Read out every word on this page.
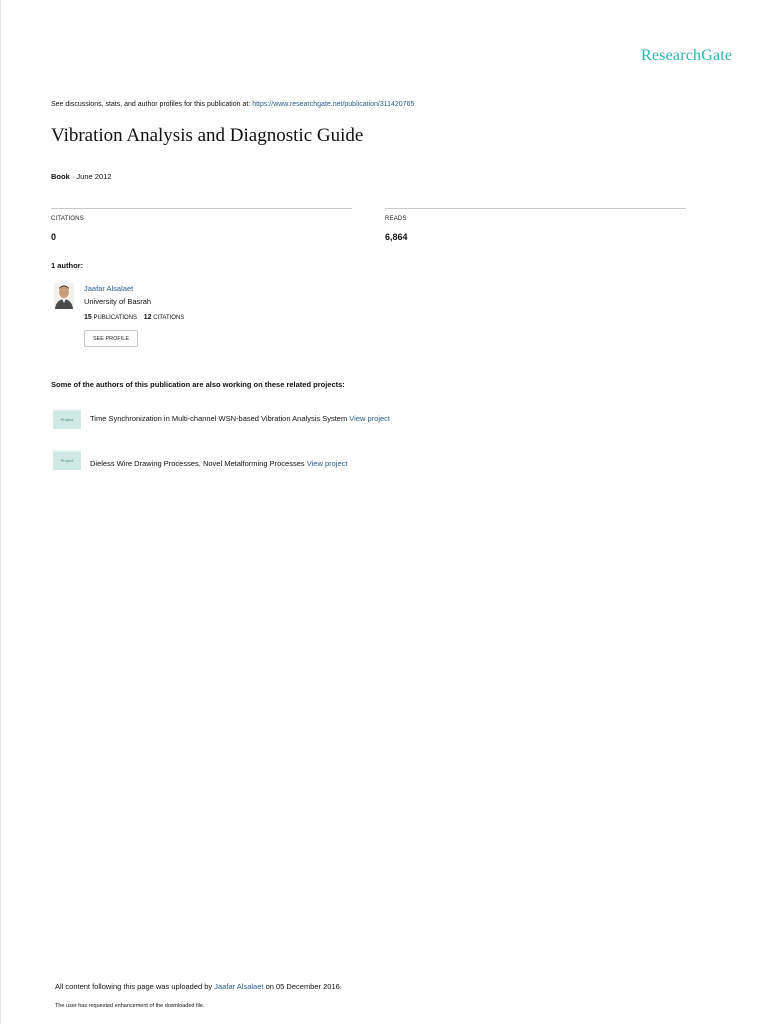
ResearchGate
See discussions, stats, and author profiles for this publication at: https://www.researchgate.net/publication/311420765
Vibration Analysis and Diagnostic Guide
Book · June 2012
CITATIONS
0
READS
6,864
1 author:
Jaafar Alsalaet
University of Basrah
15 PUBLICATIONS 12 CITATIONS
SEE PROFILE
Some of the authors of this publication are also working on these related projects:
Project	Time Synchronization in Multi-channel WSN-based Vibration Analysis System View project
Project	Dieless Wire Drawing Processes, Novel Metalforming Processes View project
All content following this page was uploaded by Jaafar Alsalaet on 05 December 2016.
The user has requested enhancement of the downloaded file.
